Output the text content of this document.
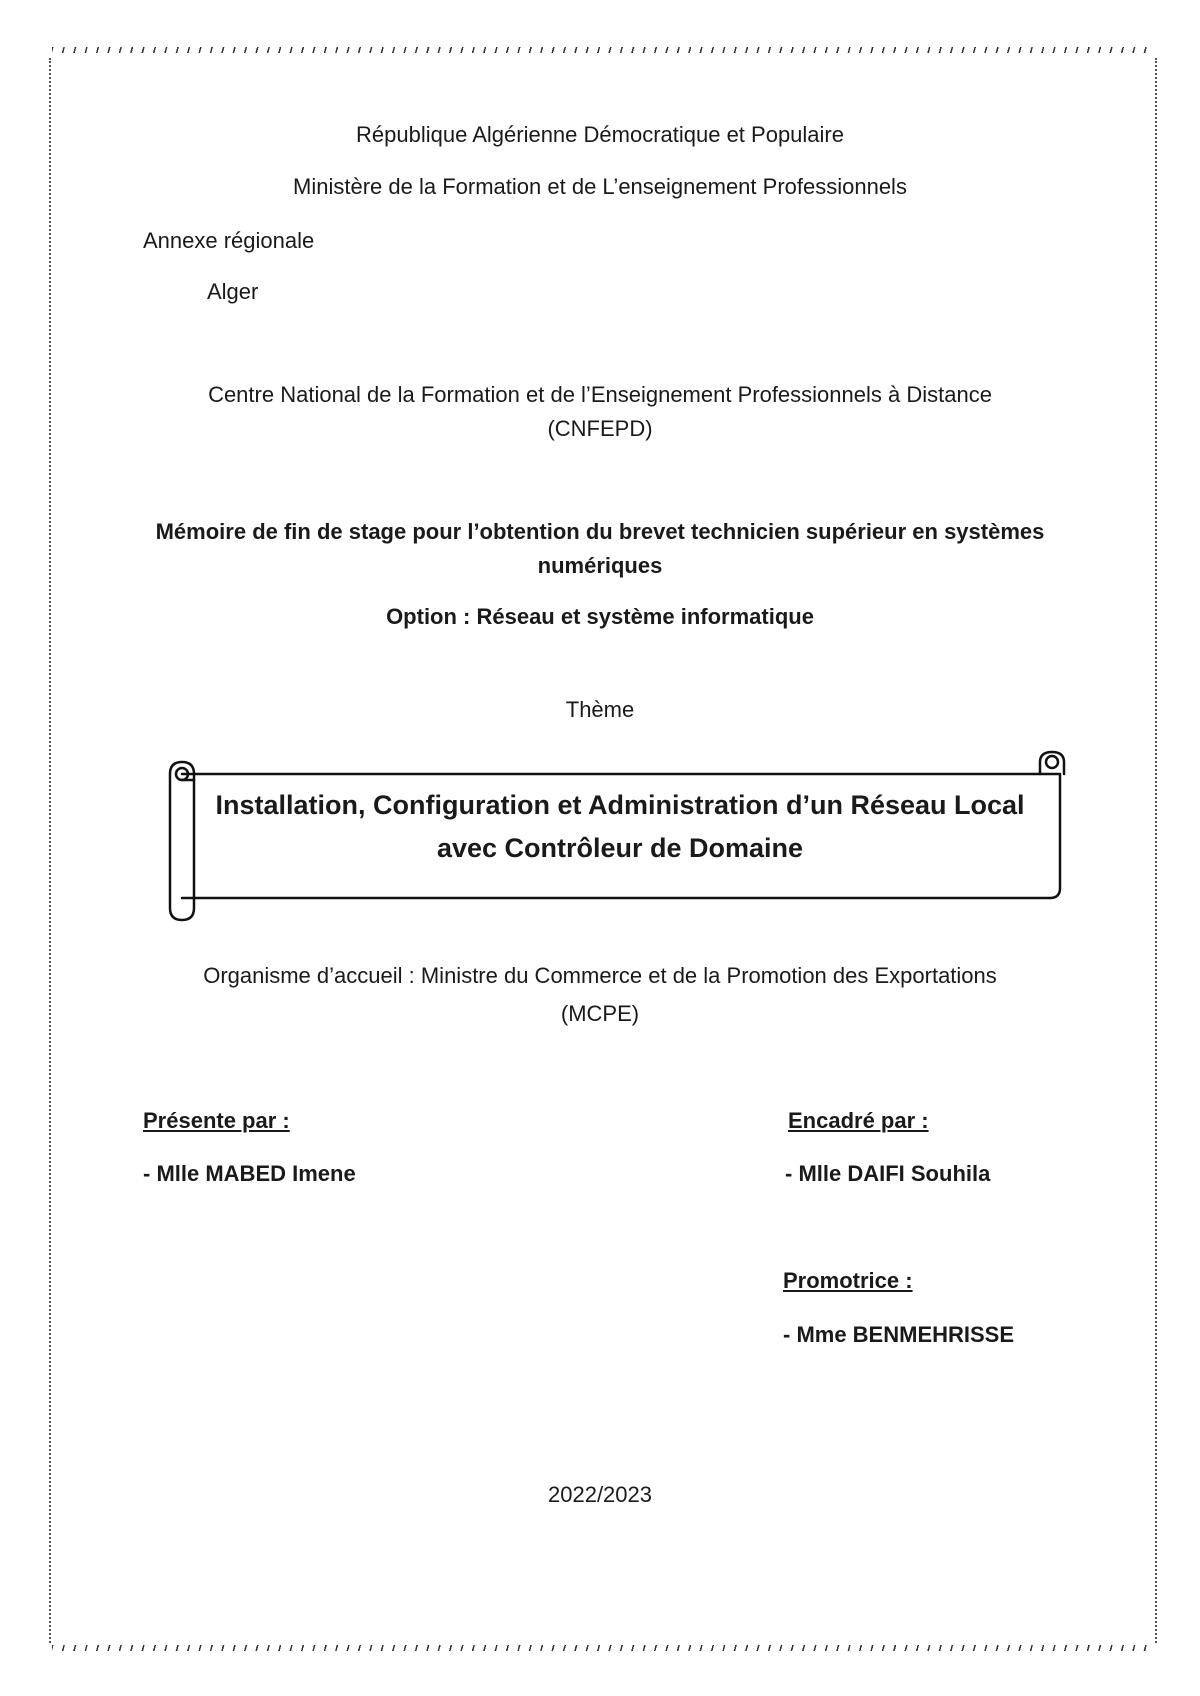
République Algérienne Démocratique et Populaire

Ministère de la Formation et de L’enseignement Professionnels

Annexe régionale

Alger

Centre National de la Formation et de l’Enseignement Professionnels à Distance (CNFEPD)

Mémoire de fin de stage pour l’obtention du brevet technicien supérieur en systèmes numériques

Option : Réseau et système informatique

Thème

Installation, Configuration et Administration d’un Réseau Local avec Contrôleur de Domaine

Organisme d’accueil : Ministre du Commerce et de la Promotion des Exportations (MCPE)

Présente par :

- Mlle MABED Imene

Encadré par :

- Mlle DAIFI Souhila

Promotrice :

- Mme BENMEHRISSE

2022/2023
